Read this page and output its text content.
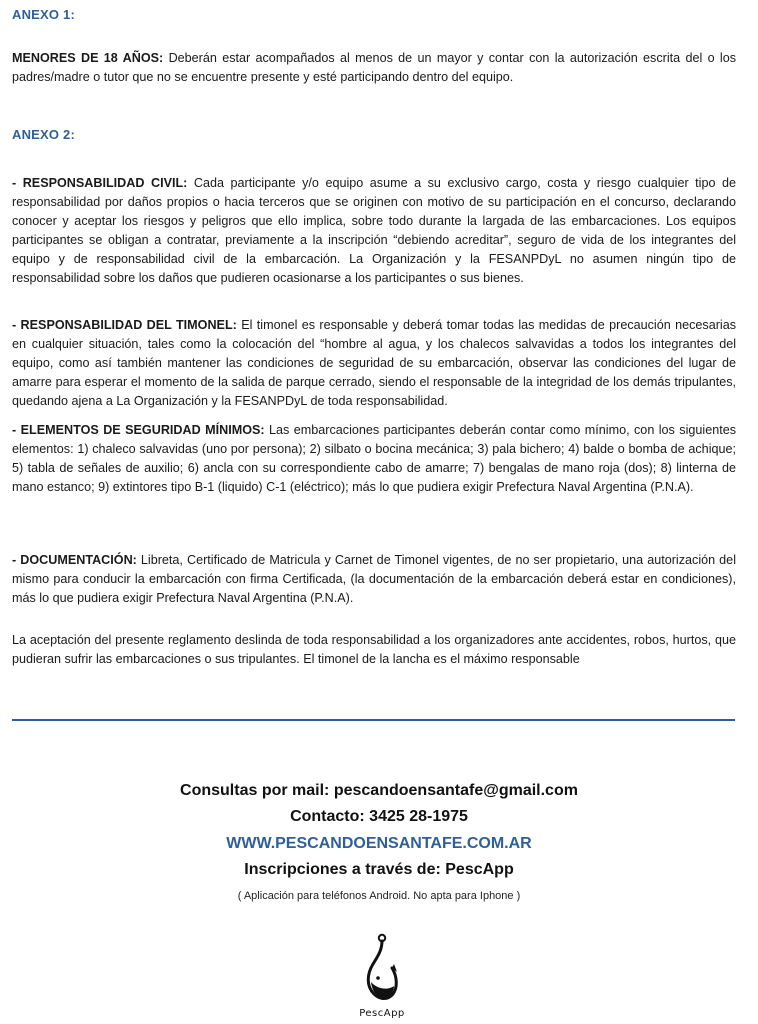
ANEXO 1:
MENORES DE 18 AÑOS: Deberán estar acompañados al menos de un mayor y contar con la autorización escrita del o los padres/madre o tutor que no se encuentre presente y esté participando dentro del equipo.
ANEXO 2:
- RESPONSABILIDAD CIVIL: Cada participante y/o equipo asume a su exclusivo cargo, costa y riesgo cualquier tipo de responsabilidad por daños propios o hacia terceros que se originen con motivo de su participación en el concurso, declarando conocer y aceptar los riesgos y peligros que ello implica, sobre todo durante la largada de las embarcaciones. Los equipos participantes se obligan a contratar, previamente a la inscripción “debiendo acreditar”, seguro de vida de los integrantes del equipo y de responsabilidad civil de la embarcación. La Organización y la FESANPDyL no asumen ningún tipo de responsabilidad sobre los daños que pudieren ocasionarse a los participantes o sus bienes.
- RESPONSABILIDAD DEL TIMONEL: El timonel es responsable y deberá tomar todas las medidas de precaución necesarias en cualquier situación, tales como la colocación del “hombre al agua, y los chalecos salvavidas a todos los integrantes del equipo, como así también mantener las condiciones de seguridad de su embarcación, observar las condiciones del lugar de amarre para esperar el momento de la salida de parque cerrado, siendo el responsable de la integridad de los demás tripulantes, quedando ajena a La Organización y la FESANPDyL de toda responsabilidad.
- ELEMENTOS DE SEGURIDAD MÍNIMOS: Las embarcaciones participantes deberán contar como mínimo, con los siguientes elementos: 1) chaleco salvavidas (uno por persona); 2) silbato o bocina mecánica; 3) pala bichero; 4) balde o bomba de achique; 5) tabla de señales de auxilio; 6) ancla con su correspondiente cabo de amarre; 7) bengalas de mano roja (dos); 8) linterna de mano estanco; 9) extintores tipo B-1 (liquido) C-1 (eléctrico); más lo que pudiera exigir Prefectura Naval Argentina (P.N.A).
- DOCUMENTACIÓN: Libreta, Certificado de Matricula y Carnet de Timonel vigentes, de no ser propietario, una autorización del mismo para conducir la embarcación con firma Certificada, (la documentación de la embarcación deberá estar en condiciones), más lo que pudiera exigir Prefectura Naval Argentina (P.N.A).
La aceptación del presente reglamento deslinda de toda responsabilidad a los organizadores ante accidentes, robos, hurtos, que pudieran sufrir las embarcaciones o sus tripulantes. El timonel de la lancha es el máximo responsable
Consultas por mail: pescandoensantafe@gmail.com
Contacto: 3425 28-1975
WWW.PESCANDOENSANTAFE.COM.AR
Inscripciones a través de: PescApp
( Aplicación para teléfonos Android. No apta para Iphone )
PescApp
